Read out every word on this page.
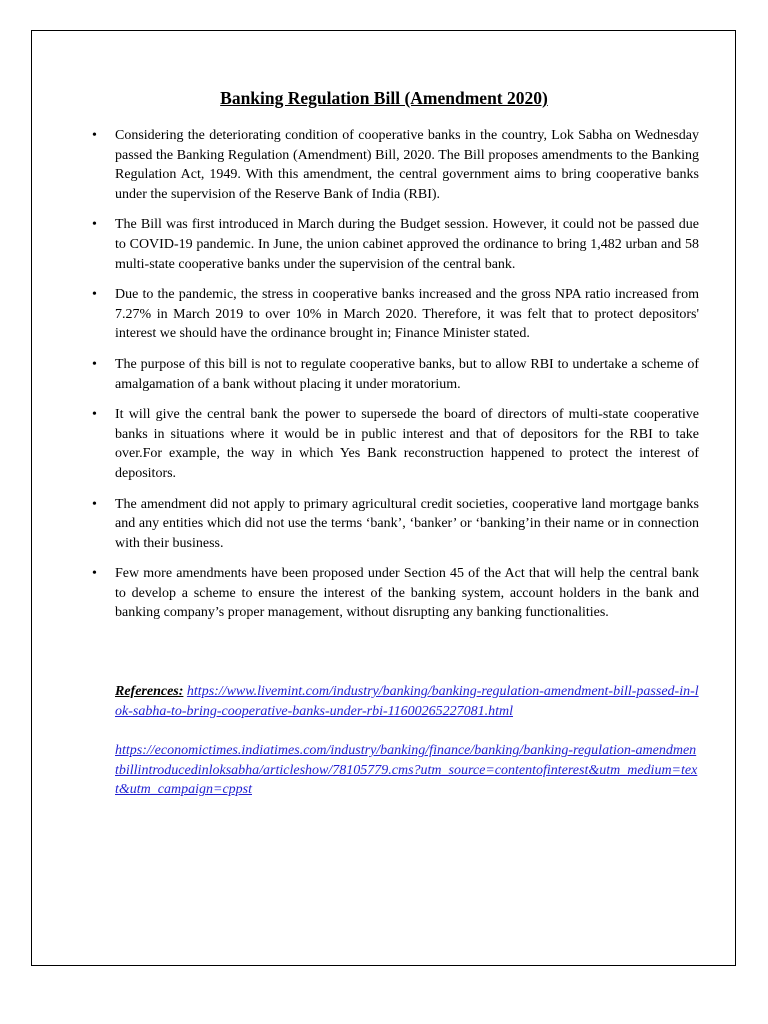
Banking Regulation Bill (Amendment 2020)
• Considering the deteriorating condition of cooperative banks in the country, Lok Sabha on Wednesday passed the Banking Regulation (Amendment) Bill, 2020. The Bill proposes amendments to the Banking Regulation Act, 1949. With this amendment, the central government aims to bring cooperative banks under the supervision of the Reserve Bank of India (RBI).
• The Bill was first introduced in March during the Budget session. However, it could not be passed due to COVID-19 pandemic. In June, the union cabinet approved the ordinance to bring 1,482 urban and 58 multi-state cooperative banks under the supervision of the central bank.
• Due to the pandemic, the stress in cooperative banks increased and the gross NPA ratio increased from 7.27% in March 2019 to over 10% in March 2020. Therefore, it was felt that to protect depositors' interest we should have the ordinance brought in; Finance Minister stated.
• The purpose of this bill is not to regulate cooperative banks, but to allow RBI to undertake a scheme of amalgamation of a bank without placing it under moratorium.
• It will give the central bank the power to supersede the board of directors of multi-state cooperative banks in situations where it would be in public interest and that of depositors for the RBI to take over.For example, the way in which Yes Bank reconstruction happened to protect the interest of depositors.
• The amendment did not apply to primary agricultural credit societies, cooperative land mortgage banks and any entities which did not use the terms ‘bank’, ‘banker’ or ‘banking’in their name or in connection with their business.
• Few more amendments have been proposed under Section 45 of the Act that will help the central bank to develop a scheme to ensure the interest of the banking system, account holders in the bank and banking company’s proper management, without disrupting any banking functionalities.

References: https://www.livemint.com/industry/banking/banking-regulation-amendment-bill-passed-in-lok-sabha-to-bring-cooperative-banks-under-rbi-11600265227081.html

https://economictimes.indiatimes.com/industry/banking/finance/banking/banking-regulation-amendmentbillintroducedinloksabha/articleshow/78105779.cms?utm_source=contentofinterest&utm_medium=text&utm_campaign=cppst
